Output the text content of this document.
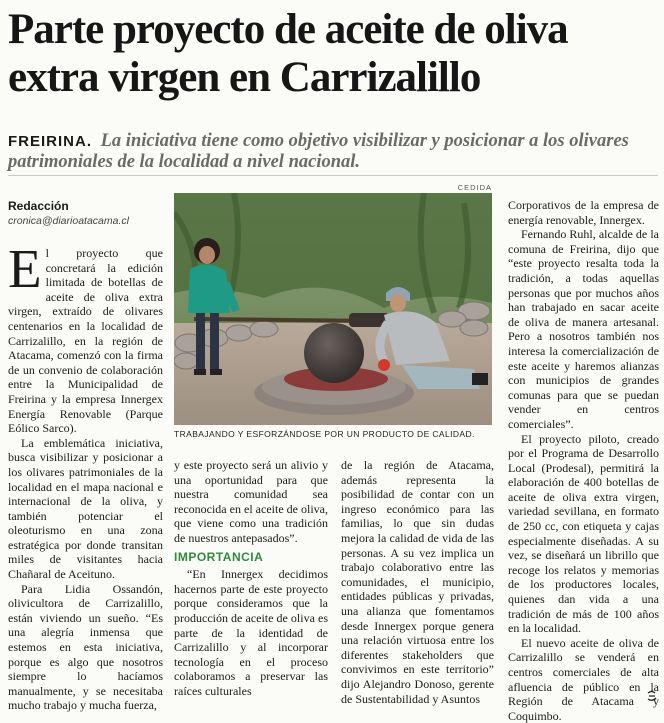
Parte proyecto de aceite de oliva extra virgen en Carrizalillo
FREIRINA. La iniciativa tiene como objetivo visibilizar y posicionar a los olivares patrimoniales de la localidad a nivel nacional.
Redacción
cronica@diarioatacama.cl

El proyecto que concretará la edición limitada de botellas de aceite de oliva extra virgen, extraído de olivares centenarios en la localidad de Carrizalillo, en la región de Atacama, comenzó con la firma de un convenio de colaboración entre la Municipalidad de Freirina y la empresa Innergex Energía Renovable (Parque Eólico Sarco).

La emblemática iniciativa, busca visibilizar y posicionar a los olivares patrimoniales de la localidad en el mapa nacional e internacional de la oliva, y también potenciar el oleoturismo en una zona estratégica por donde transitan miles de visitantes hacia Chañaral de Aceituno.

Para Lidia Ossandón, olivicultora de Carrizalillo, están viviendo un sueño. “Es una alegría inmensa que estemos en esta iniciativa, porque es algo que nosotros siempre lo hacíamos manualmente, y se necesitaba mucho trabajo y mucha fuerza,

CEDIDA
TRABAJANDO Y ESFORZÁNDOSE POR UN PRODUCTO DE CALIDAD.

y este proyecto será un alivio y una oportunidad para que nuestra comunidad sea reconocida en el aceite de oliva, que viene como una tradición de nuestros antepasados”.

IMPORTANCIA

“En Innergex decidimos hacernos parte de este proyecto porque consideramos que la producción de aceite de oliva es parte de la identidad de Carrizalillo y al incorporar tecnología en el proceso colaboramos a preservar las raíces culturales

de la región de Atacama, además representa la posibilidad de contar con un ingreso económico para las familias, lo que sin dudas mejora la calidad de vida de las personas. A su vez implica un trabajo colaborativo entre las comunidades, el municipio, entidades públicas y privadas, una alianza que fomentamos desde Innergex porque genera una relación virtuosa entre los diferentes stakeholders que convivimos en este territorio” dijo Alejandro Donoso, gerente de Sustentabilidad y Asuntos

Corporativos de la empresa de energía renovable, Innergex.

Fernando Ruhl, alcalde de la comuna de Freirina, dijo que “este proyecto resalta toda la tradición, a todas aquellas personas que por muchos años han trabajado en sacar aceite de oliva de manera artesanal. Pero a nosotros también nos interesa la comercialización de este aceite y haremos alianzas con municipios de grandes comunas para que se puedan vender en centros comerciales”.

El proyecto piloto, creado por el Programa de Desarrollo Local (Prodesal), permitirá la elaboración de 400 botellas de aceite de oliva extra virgen, variedad sevillana, en formato de 250 cc, con etiqueta y cajas especialmente diseñadas. A su vez, se diseñará un librillo que recoge los relatos y memorias de los productores locales, quienes dan vida a una tradición de más de 100 años en la localidad.

El nuevo aceite de oliva de Carrizalillo se venderá en centros comerciales de alta afluencia de público en la Región de Atacama y Coquimbo.
